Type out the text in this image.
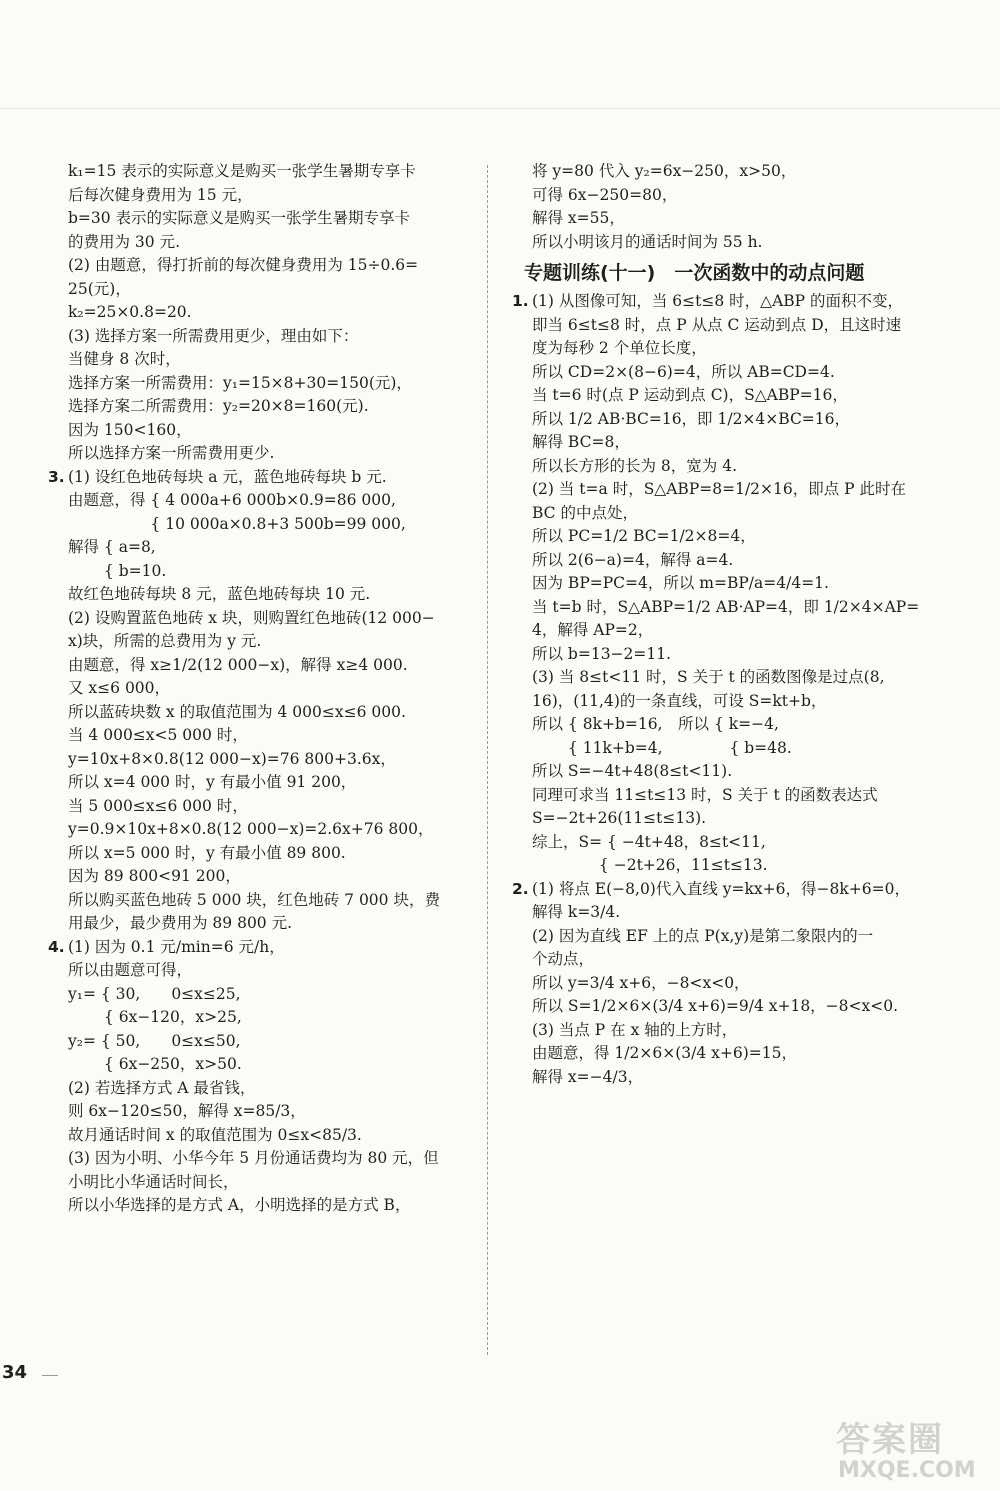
k₁=15 表示的实际意义是购买一张学生暑期专享卡
后每次健身费用为 15 元，
b=30 表示的实际意义是购买一张学生暑期专享卡
的费用为 30 元.
(2) 由题意，得打折前的每次健身费用为 15÷0.6=
25(元)，
k₂=25×0.8=20.
(3) 选择方案一所需费用更少，理由如下：
当健身 8 次时，
选择方案一所需费用：y₁=15×8+30=150(元)，
选择方案二所需费用：y₂=20×8=160(元).
因为 150<160，
所以选择方案一所需费用更少.
3. (1) 设红色地砖每块 a 元，蓝色地砖每块 b 元.
由题意，得 { 4 000a+6 000b×0.9=86 000,
　　　　　 { 10 000a×0.8+3 500b=99 000,
解得 { a=8,
　　 { b=10.
故红色地砖每块 8 元，蓝色地砖每块 10 元.
(2) 设购置蓝色地砖 x 块，则购置红色地砖(12 000−
x)块，所需的总费用为 y 元.
由题意，得 x≥1/2(12 000−x)，解得 x≥4 000.
又 x≤6 000，
所以蓝砖块数 x 的取值范围为 4 000≤x≤6 000.
当 4 000≤x<5 000 时，
y=10x+8×0.8(12 000−x)=76 800+3.6x，
所以 x=4 000 时，y 有最小值 91 200，
当 5 000≤x≤6 000 时，
y=0.9×10x+8×0.8(12 000−x)=2.6x+76 800，
所以 x=5 000 时，y 有最小值 89 800.
因为 89 800<91 200，
所以购买蓝色地砖 5 000 块，红色地砖 7 000 块，费
用最少，最少费用为 89 800 元.
4. (1) 因为 0.1 元/min=6 元/h，
所以由题意可得，
y₁= { 30,　　0≤x≤25,
　　 { 6x−120，x>25,
y₂= { 50,　　0≤x≤50,
　　 { 6x−250，x>50.
(2) 若选择方式 A 最省钱，
则 6x−120≤50，解得 x=85/3，
故月通话时间 x 的取值范围为 0≤x<85/3.
(3) 因为小明、小华今年 5 月份通话费均为 80 元，但
小明比小华通话时间长，
所以小华选择的是方式 A，小明选择的是方式 B，
将 y=80 代入 y₂=6x−250，x>50，
可得 6x−250=80，
解得 x=55，
所以小明该月的通话时间为 55 h.
专题训练(十一)　一次函数中的动点问题
1. (1) 从图像可知，当 6≤t≤8 时，△ABP 的面积不变，
即当 6≤t≤8 时，点 P 从点 C 运动到点 D，且这时速
度为每秒 2 个单位长度，
所以 CD=2×(8−6)=4，所以 AB=CD=4.
当 t=6 时(点 P 运动到点 C)，S△ABP=16，
所以 1/2 AB·BC=16，即 1/2×4×BC=16，
解得 BC=8，
所以长方形的长为 8，宽为 4.
(2) 当 t=a 时，S△ABP=8=1/2×16，即点 P 此时在
BC 的中点处，
所以 PC=1/2 BC=1/2×8=4，
所以 2(6−a)=4，解得 a=4.
因为 BP=PC=4，所以 m=BP/a=4/4=1.
当 t=b 时，S△ABP=1/2 AB·AP=4，即 1/2×4×AP=
4，解得 AP=2，
所以 b=13−2=11.
(3) 当 8≤t<11 时，S 关于 t 的函数图像是过点(8,
16)，(11,4)的一条直线，可设 S=kt+b，
所以 { 8k+b=16,　所以 { k=−4,
　　 { 11k+b=4,　　　　 { b=48.
所以 S=−4t+48(8≤t<11).
同理可求当 11≤t≤13 时，S 关于 t 的函数表达式
S=−2t+26(11≤t≤13).
综上，S= { −4t+48，8≤t<11,
　　　　 { −2t+26，11≤t≤13.
2. (1) 将点 E(−8,0)代入直线 y=kx+6，得−8k+6=0，
解得 k=3/4.
(2) 因为直线 EF 上的点 P(x,y)是第二象限内的一
个动点，
所以 y=3/4 x+6，−8<x<0，
所以 S=1/2×6×(3/4 x+6)=9/4 x+18，−8<x<0.
(3) 当点 P 在 x 轴的上方时，
由题意，得 1/2×6×(3/4 x+6)=15，
解得 x=−4/3，
34
答案圈
MXQE.COM
